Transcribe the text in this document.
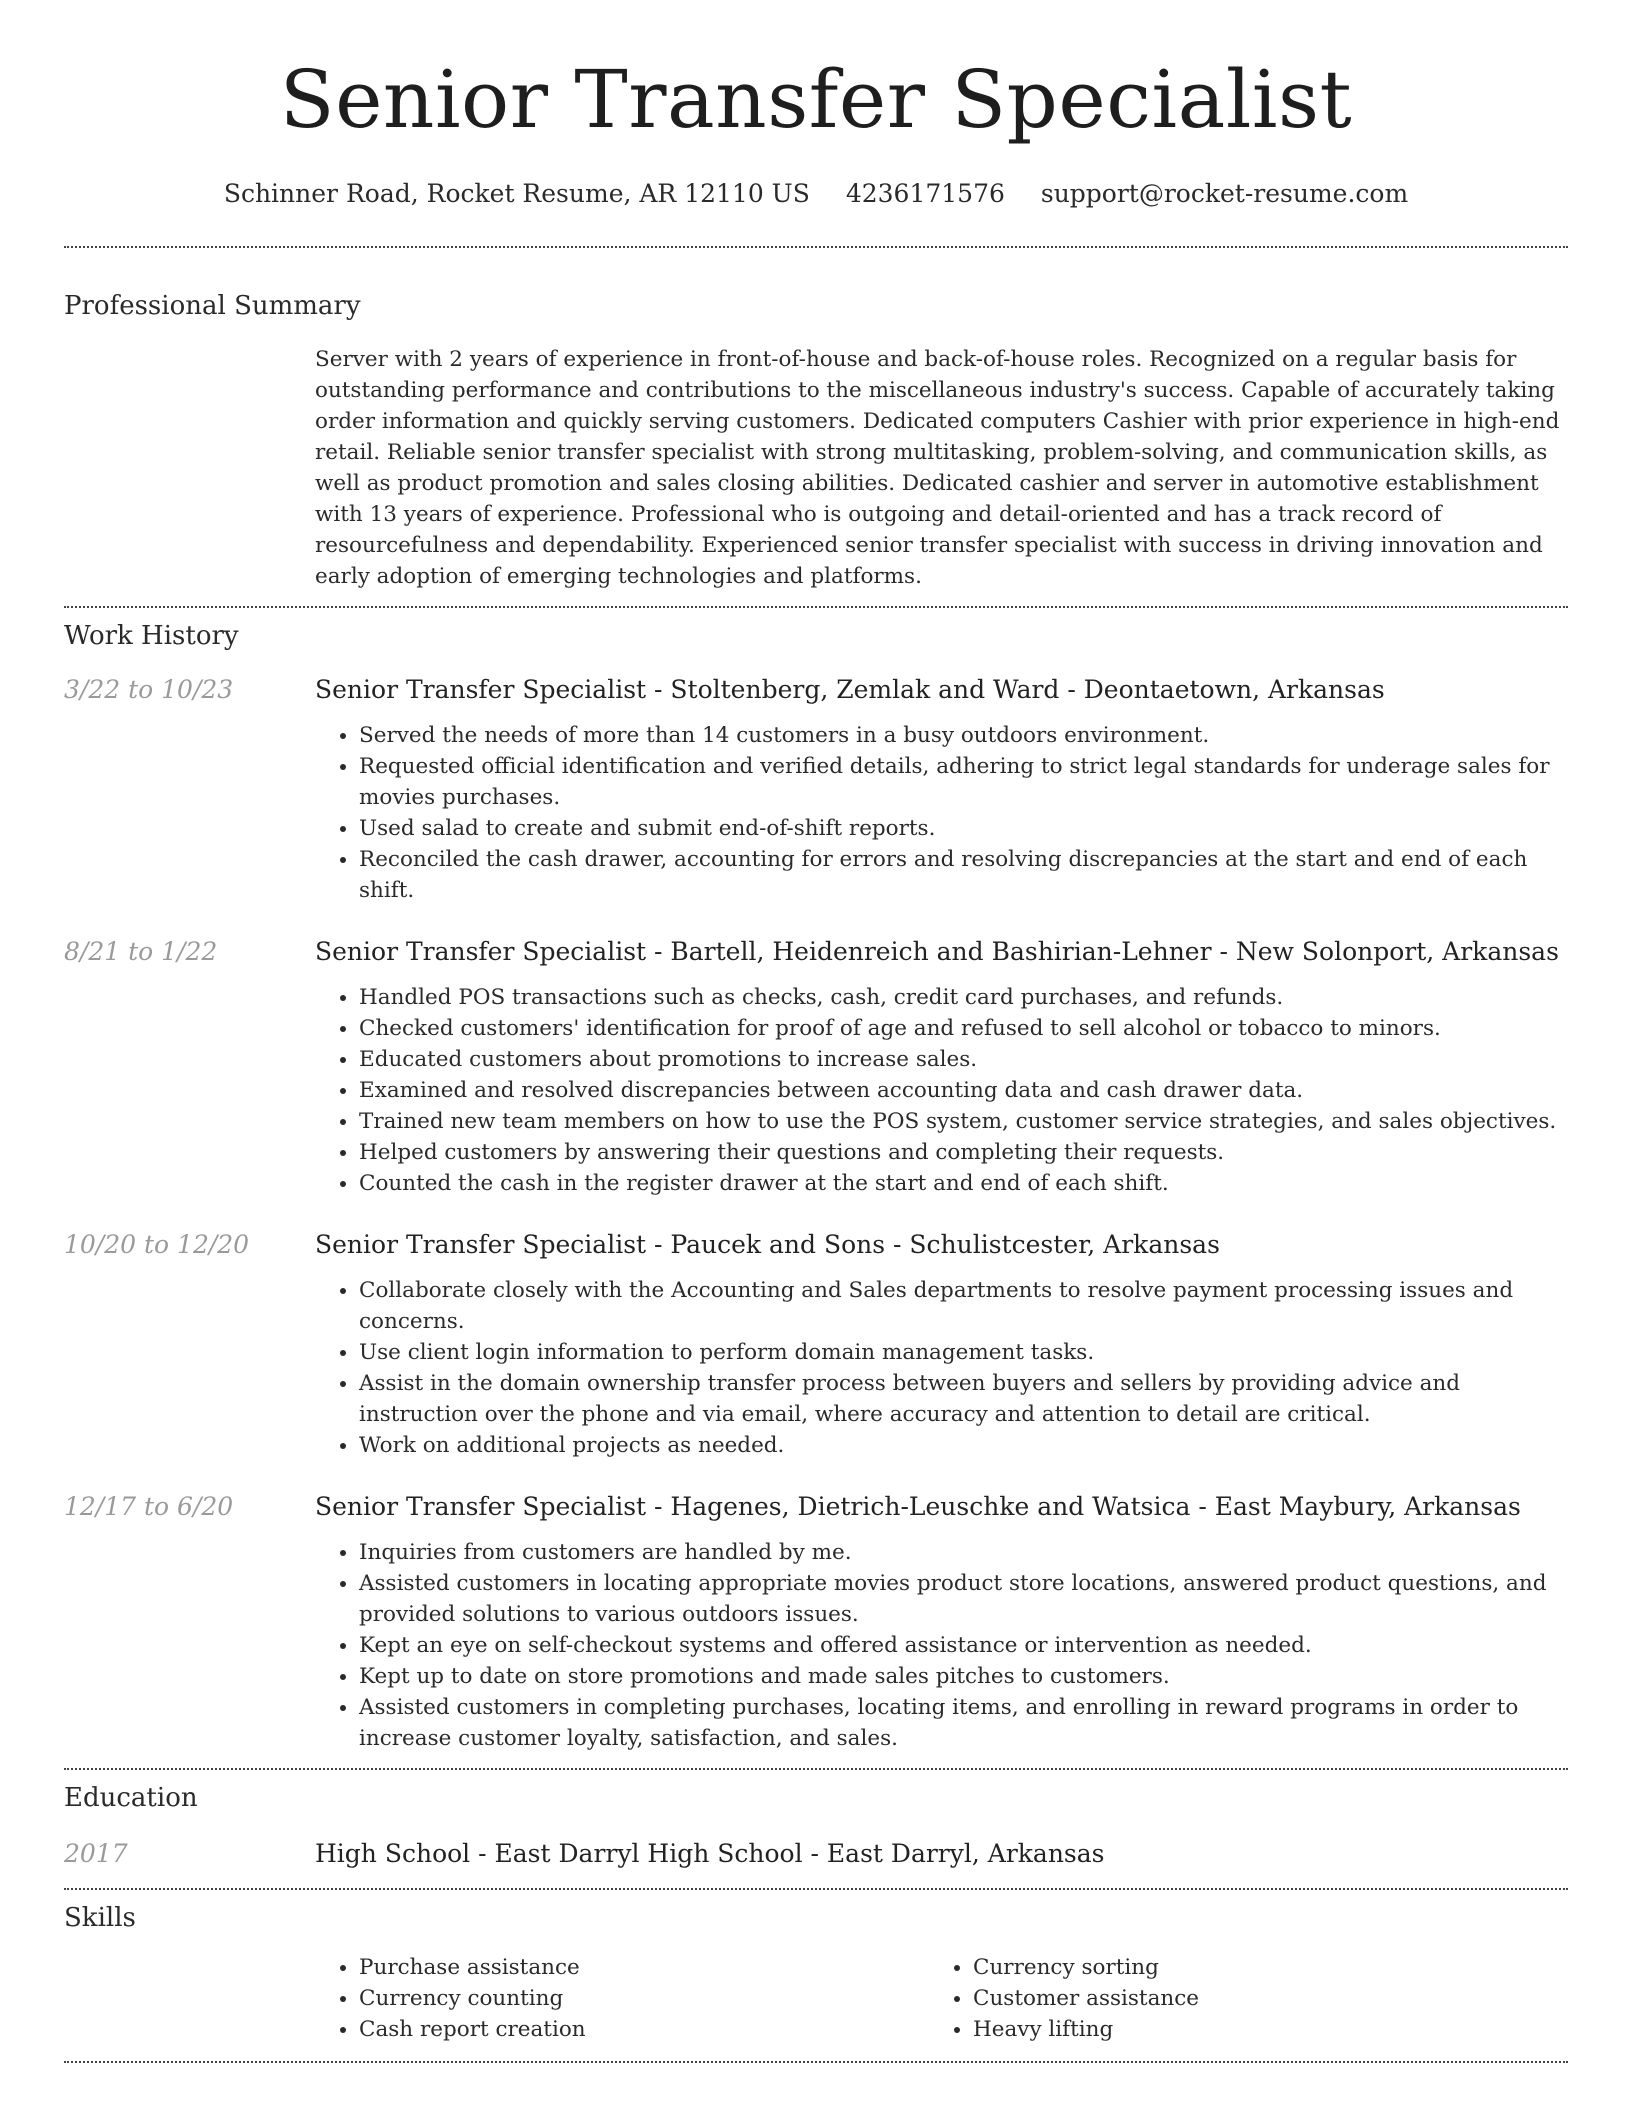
Senior Transfer Specialist
Schinner Road, Rocket Resume, AR 12110 US 4236171576 support@rocket-resume.com
Professional Summary
Server with 2 years of experience in front-of-house and back-of-house roles. Recognized on a regular basis for outstanding performance and contributions to the miscellaneous industry's success. Capable of accurately taking order information and quickly serving customers. Dedicated computers Cashier with prior experience in high-end retail. Reliable senior transfer specialist with strong multitasking, problem-solving, and communication skills, as well as product promotion and sales closing abilities. Dedicated cashier and server in automotive establishment with 13 years of experience. Professional who is outgoing and detail-oriented and has a track record of resourcefulness and dependability. Experienced senior transfer specialist with success in driving innovation and early adoption of emerging technologies and platforms.
Work History
3/22 to 10/23	Senior Transfer Specialist - Stoltenberg, Zemlak and Ward - Deontaetown, Arkansas
• Served the needs of more than 14 customers in a busy outdoors environment.
• Requested official identification and verified details, adhering to strict legal standards for underage sales for movies purchases.
• Used salad to create and submit end-of-shift reports.
• Reconciled the cash drawer, accounting for errors and resolving discrepancies at the start and end of each shift.
8/21 to 1/22	Senior Transfer Specialist - Bartell, Heidenreich and Bashirian-Lehner - New Solonport, Arkansas
• Handled POS transactions such as checks, cash, credit card purchases, and refunds.
• Checked customers' identification for proof of age and refused to sell alcohol or tobacco to minors.
• Educated customers about promotions to increase sales.
• Examined and resolved discrepancies between accounting data and cash drawer data.
• Trained new team members on how to use the POS system, customer service strategies, and sales objectives.
• Helped customers by answering their questions and completing their requests.
• Counted the cash in the register drawer at the start and end of each shift.
10/20 to 12/20	Senior Transfer Specialist - Paucek and Sons - Schulistcester, Arkansas
• Collaborate closely with the Accounting and Sales departments to resolve payment processing issues and concerns.
• Use client login information to perform domain management tasks.
• Assist in the domain ownership transfer process between buyers and sellers by providing advice and instruction over the phone and via email, where accuracy and attention to detail are critical.
• Work on additional projects as needed.
12/17 to 6/20	Senior Transfer Specialist - Hagenes, Dietrich-Leuschke and Watsica - East Maybury, Arkansas
• Inquiries from customers are handled by me.
• Assisted customers in locating appropriate movies product store locations, answered product questions, and provided solutions to various outdoors issues.
• Kept an eye on self-checkout systems and offered assistance or intervention as needed.
• Kept up to date on store promotions and made sales pitches to customers.
• Assisted customers in completing purchases, locating items, and enrolling in reward programs in order to increase customer loyalty, satisfaction, and sales.
Education
2017	High School - East Darryl High School - East Darryl, Arkansas
Skills
• Purchase assistance
• Currency counting
• Cash report creation
• Currency sorting
• Customer assistance
• Heavy lifting
